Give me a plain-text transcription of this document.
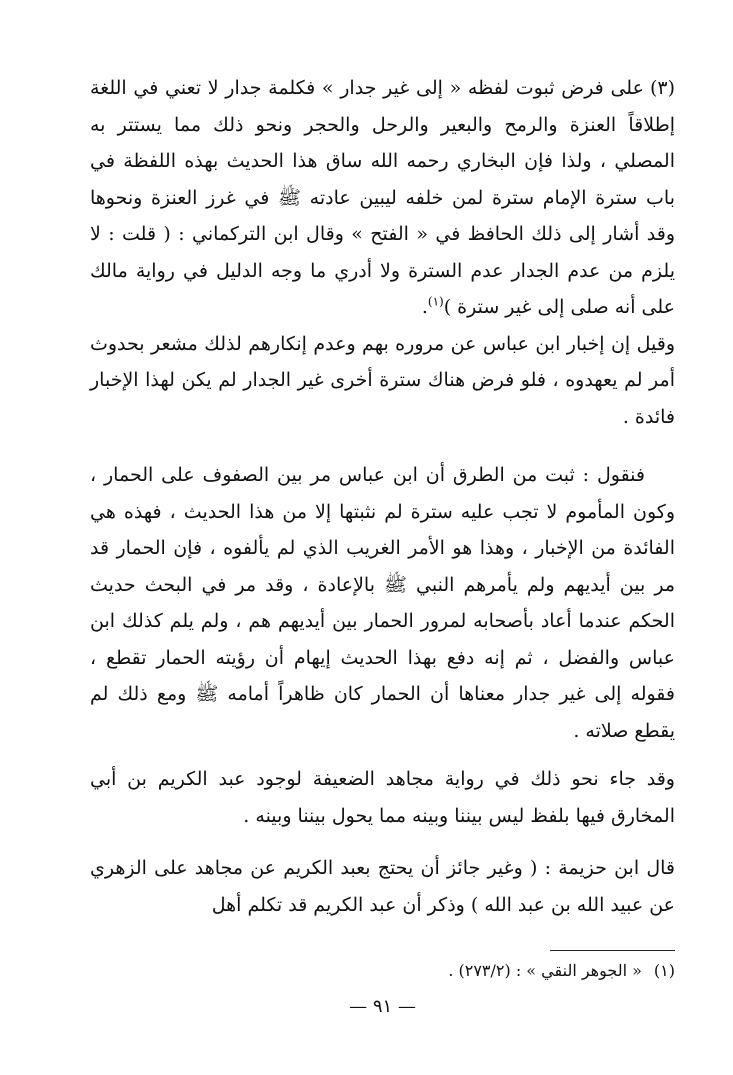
(٣)على فرض ثبوت لفظه « إلى غير جدار » فكلمة جدار لا تعني في اللغة إطلاقاً العنزة والرمح والبعير والرحل والحجر ونحو ذلك مما يستتر به المصلي ، ولذا فإن البخاري رحمه الله ساق هذا الحديث بهذه اللفظة في باب سترة الإمام سترة لمن خلفه ليبين عادته ﷺ في غرز العنزة ونحوها وقد أشار إلى ذلك الحافظ في « الفتح » وقال ابن التركماني : ( قلت : لا يلزم من عدم الجدار عدم السترة ولا أدري ما وجه الدليل في رواية مالك على أنه صلى إلى غير سترة )$^{(١)}$.

وقيل إن إخبار ابن عباس عن مروره بهم وعدم إنكارهم لذلك مشعر بحدوث أمر لم يعهدوه ، فلو فرض هناك سترة أخرى غير الجدار لم يكن لهذا الإخبار فائدة .

فنقول : ثبت من الطرق أن ابن عباس مر بين الصفوف على الحمار ، وكون المأموم لا تجب عليه سترة لم نثبتها إلا من هذا الحديث ، فهذه هي الفائدة من الإخبار ، وهذا هو الأمر الغريب الذي لم يألفوه ، فإن الحمار قد مر بين أيديهم ولم يأمرهم النبي ﷺ بالإعادة ، وقد مر في البحث حديث الحكم عندما أعاد بأصحابه لمرور الحمار بين أيديهم هم ، ولم يلم كذلك ابن عباس والفضل ، ثم إنه دفع بهذا الحديث إيهام أن رؤيته الحمار تقطع ، فقوله إلى غير جدار معناها أن الحمار كان ظاهراً أمامه ﷺ ومع ذلك لم يقطع صلاته .

وقد جاء نحو ذلك في رواية مجاهد الضعيفة لوجود عبد الكريم بن أبي المخارق فيها بلفظ ليس بيننا وبينه مما يحول بيننا وبينه .

قال ابن حزيمة : ( وغير جائز أن يحتج بعبد الكريم عن مجاهد على الزهري عن عبيد الله بن عبد الله ) وذكر أن عبد الكريم قد تكلم أهل

(١)« الجوهر النقي » : (٢٧٣/٢) .
— ٩١ —
